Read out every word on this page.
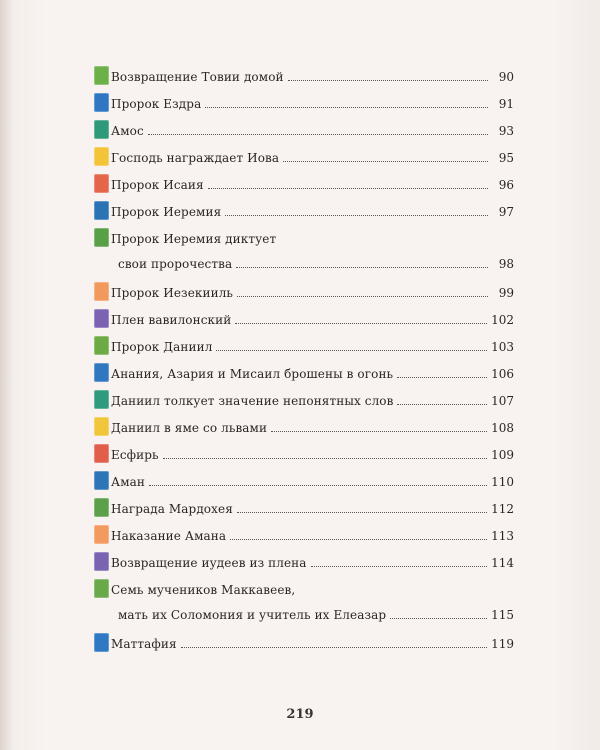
Возвращение Товии домой	90
Пророк Ездра	91
Амос	93
Господь награждает Иова	95
Пророк Исаия	96
Пророк Иеремия	97
Пророк Иеремия диктует
свои пророчества	98
Пророк Иезекииль	99
Плен вавилонский	102
Пророк Даниил	103
Анания, Азария и Мисаил брошены в огонь	106
Даниил толкует значение непонятных слов	107
Даниил в яме со львами	108
Есфирь	109
Аман	110
Награда Мардохея	112
Наказание Амана	113
Возвращение иудеев из плена	114
Семь мучеников Маккавеев,
мать их Соломония и учитель их Елеазар	115
Маттафия	119
219
